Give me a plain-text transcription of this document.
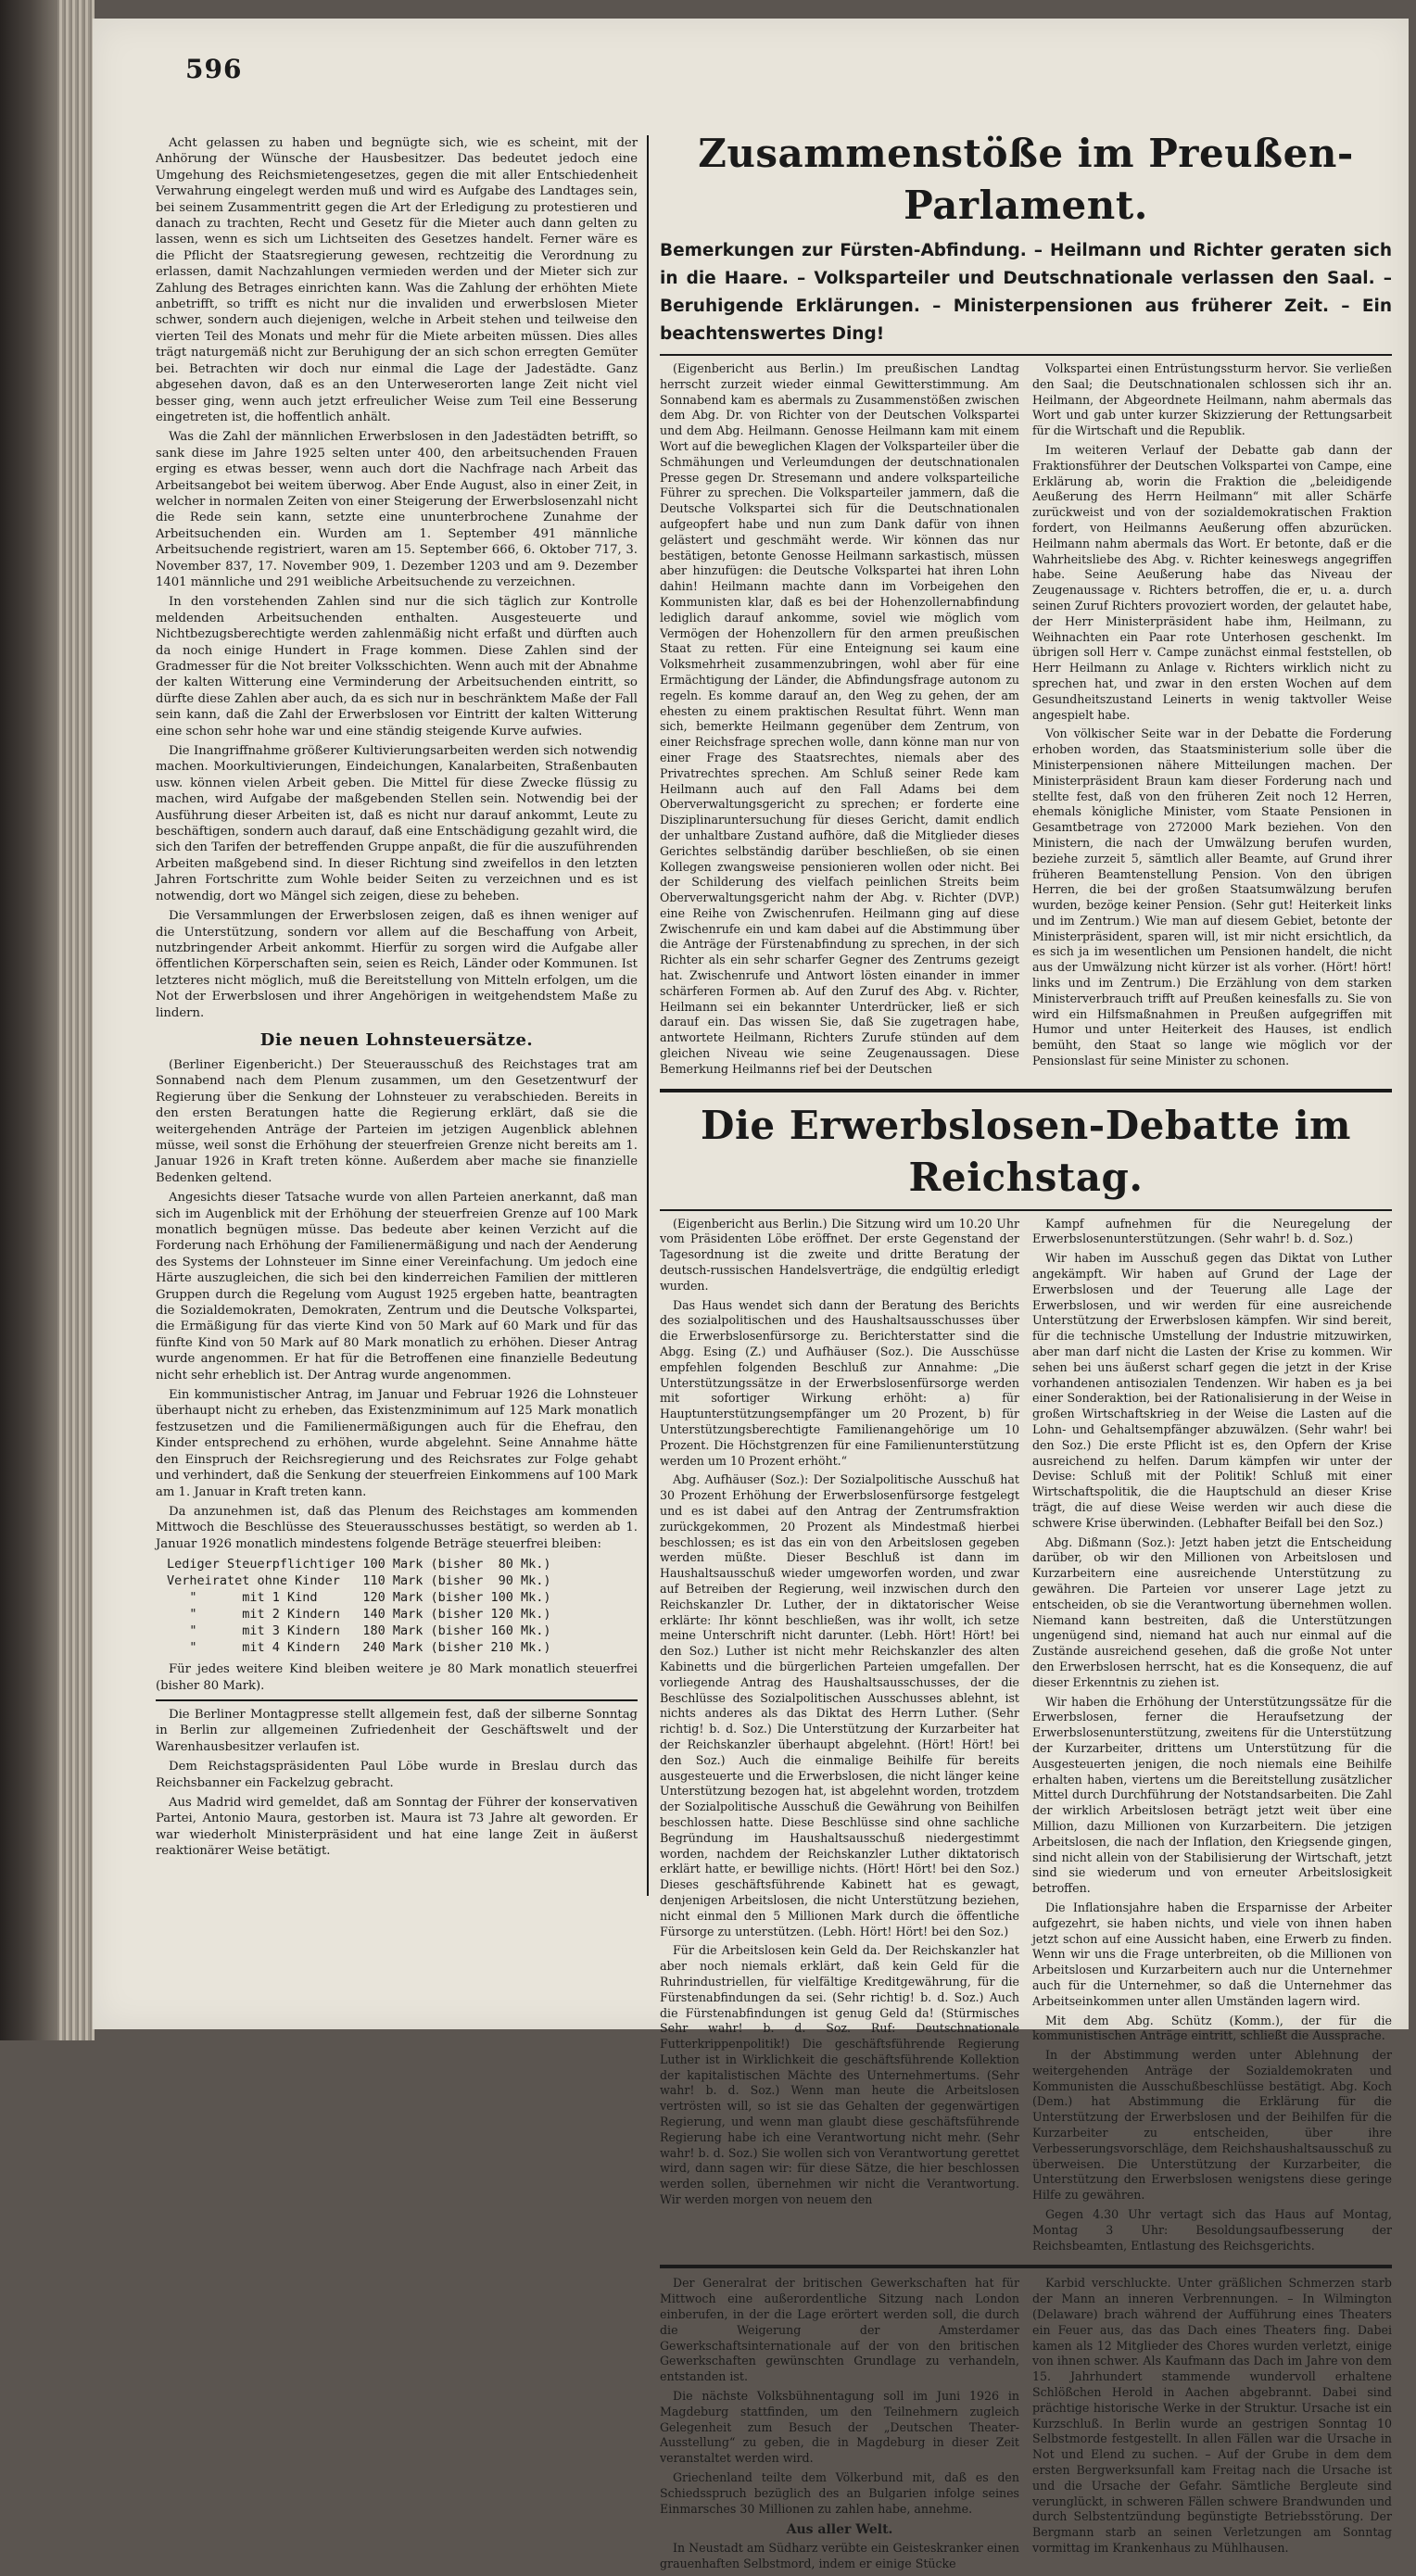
596

Acht gelassen zu haben und begnügte sich, wie es scheint, mit der Anhörung der Wünsche der Hausbesitzer. Das bedeutet jedoch eine Umgehung des Reichsmietengesetzes, gegen die mit aller Entschiedenheit Verwahrung eingelegt werden muß und wird es Aufgabe des Landtages sein, bei seinem Zusammentritt gegen die Art der Erledigung zu protestieren und danach zu trachten, Recht und Gesetz für die Mieter auch dann gelten zu lassen, wenn es sich um Lichtseiten des Gesetzes handelt. Ferner wäre es die Pflicht der Staatsregierung gewesen, rechtzeitig die Verordnung zu erlassen, damit Nachzahlungen vermieden werden und der Mieter sich zur Zahlung des Betrages einrichten kann. Was die Zahlung der erhöhten Miete anbetrifft, so trifft es nicht nur die invaliden und erwerbslosen Mieter schwer, sondern auch diejenigen, welche in Arbeit stehen und teilweise den vierten Teil des Monats und mehr für die Miete arbeiten müssen. Dies alles trägt naturgemäß nicht zur Beruhigung der an sich schon erregten Gemüter bei. Betrachten wir doch nur einmal die Lage der Jadestädte. Ganz abgesehen davon, daß es an den Unterweserorten lange Zeit nicht viel besser ging, wenn auch jetzt erfreulicher Weise zum Teil eine Besserung eingetreten ist, die hoffentlich anhält.

Was die Zahl der männlichen Erwerbslosen in den Jadestädten betrifft, so sank diese im Jahre 1925 selten unter 400, den arbeitsuchenden Frauen erging es etwas besser, wenn auch dort die Nachfrage nach Arbeit das Arbeitsangebot bei weitem überwog. Aber Ende August, also in einer Zeit, in welcher in normalen Zeiten von einer Steigerung der Erwerbslosenzahl nicht die Rede sein kann, setzte eine ununterbrochene Zunahme der Arbeitsuchenden ein. Wurden am 1. September 491 männliche Arbeitsuchende registriert, waren am 15. September 666, 6. Oktober 717, 3. November 837, 17. November 909, 1. Dezember 1203 und am 9. Dezember 1401 männliche und 291 weibliche Arbeitsuchende zu verzeichnen.

In den vorstehenden Zahlen sind nur die sich täglich zur Kontrolle meldenden Arbeitsuchenden enthalten. Ausgesteuerte und Nichtbezugsberechtigte werden zahlenmäßig nicht erfaßt und dürften auch da noch einige Hundert in Frage kommen. Diese Zahlen sind der Gradmesser für die Not breiter Volksschichten. Wenn auch mit der Abnahme der kalten Witterung eine Verminderung der Arbeitsuchenden eintritt, so dürfte diese Zahlen aber auch, da es sich nur in beschränktem Maße der Fall sein kann, daß die Zahl der Erwerbslosen vor Eintritt der kalten Witterung eine schon sehr hohe war und eine ständig steigende Kurve aufwies.

Die Inangriffnahme größerer Kultivierungsarbeiten werden sich notwendig machen. Moorkultivierungen, Eindeichungen, Kanalarbeiten, Straßenbauten usw. können vielen Arbeit geben. Die Mittel für diese Zwecke flüssig zu machen, wird Aufgabe der maßgebenden Stellen sein. Notwendig bei der Ausführung dieser Arbeiten ist, daß es nicht nur darauf ankommt, Leute zu beschäftigen, sondern auch darauf, daß eine Entschädigung gezahlt wird, die sich den Tarifen der betreffenden Gruppe anpaßt, die für die auszuführenden Arbeiten maßgebend sind. In dieser Richtung sind zweifellos in den letzten Jahren Fortschritte zum Wohle beider Seiten zu verzeichnen und es ist notwendig, dort wo Mängel sich zeigen, diese zu beheben.

Die Versammlungen der Erwerbslosen zeigen, daß es ihnen weniger auf die Unterstützung, sondern vor allem auf die Beschaffung von Arbeit, nutzbringender Arbeit ankommt. Hierfür zu sorgen wird die Aufgabe aller öffentlichen Körperschaften sein, seien es Reich, Länder oder Kommunen. Ist letzteres nicht möglich, muß die Bereitstellung von Mitteln erfolgen, um die Not der Erwerbslosen und ihrer Angehörigen in weitgehendstem Maße zu lindern.

Die neuen Lohnsteuersätze.

(Berliner Eigenbericht.) Der Steuerausschuß des Reichstages trat am Sonnabend nach dem Plenum zusammen, um den Gesetzentwurf der Regierung über die Senkung der Lohnsteuer zu verabschieden. Bereits in den ersten Beratungen hatte die Regierung erklärt, daß sie die weitergehenden Anträge der Parteien im jetzigen Augenblick ablehnen müsse, weil sonst die Erhöhung der steuerfreien Grenze nicht bereits am 1. Januar 1926 in Kraft treten könne. Außerdem aber mache sie finanzielle Bedenken geltend.

Angesichts dieser Tatsache wurde von allen Parteien anerkannt, daß man sich im Augenblick mit der Erhöhung der steuerfreien Grenze auf 100 Mark monatlich begnügen müsse. Das bedeute aber keinen Verzicht auf die Forderung nach Erhöhung der Familienermäßigung und nach der Aenderung des Systems der Lohnsteuer im Sinne einer Vereinfachung. Um jedoch eine Härte auszugleichen, die sich bei den kinderreichen Familien der mittleren Gruppen durch die Regelung vom August 1925 ergeben hatte, beantragten die Sozialdemokraten, Demokraten, Zentrum und die Deutsche Volkspartei, die Ermäßigung für das vierte Kind von 50 Mark auf 60 Mark und für das fünfte Kind von 50 Mark auf 80 Mark monatlich zu erhöhen. Dieser Antrag wurde angenommen. Er hat für die Betroffenen eine finanzielle Bedeutung nicht sehr erheblich ist. Der Antrag wurde angenommen.

Ein kommunistischer Antrag, im Januar und Februar 1926 die Lohnsteuer überhaupt nicht zu erheben, das Existenzminimum auf 125 Mark monatlich festzusetzen und die Familienermäßigungen auch für die Ehefrau, den Kinder entsprechend zu erhöhen, wurde abgelehnt. Seine Annahme hätte den Einspruch der Reichsregierung und des Reichsrates zur Folge gehabt und verhindert, daß die Senkung der steuerfreien Einkommens auf 100 Mark am 1. Januar in Kraft treten kann.

Da anzunehmen ist, daß das Plenum des Reichstages am kommenden Mittwoch die Beschlüsse des Steuerausschusses bestätigt, so werden ab 1. Januar 1926 monatlich mindestens folgende Beträge steuerfrei bleiben:

Lediger Steuerpflichtiger 100 Mark (bisher  80 Mk.)
Verheiratet ohne Kinder   110 Mark (bisher  90 Mk.)
"      mit 1 Kind      120 Mark (bisher 100 Mk.)
"      mit 2 Kindern   140 Mark (bisher 120 Mk.)
"      mit 3 Kindern   180 Mark (bisher 160 Mk.)
"      mit 4 Kindern   240 Mark (bisher 210 Mk.)

Für jedes weitere Kind bleiben weitere je 80 Mark monatlich steuerfrei (bisher 80 Mark).

Die Berliner Montagpresse stellt allgemein fest, daß der silberne Sonntag in Berlin zur allgemeinen Zufriedenheit der Geschäftswelt und der Warenhausbesitzer verlaufen ist.

Dem Reichstagspräsidenten Paul Löbe wurde in Breslau durch das Reichsbanner ein Fackelzug gebracht.

Aus Madrid wird gemeldet, daß am Sonntag der Führer der konservativen Partei, Antonio Maura, gestorben ist. Maura ist 73 Jahre alt geworden. Er war wiederholt Ministerpräsident und hat eine lange Zeit in äußerst reaktionärer Weise betätigt.

Zusammenstöße im Preußen-Parlament.
Bemerkungen zur Fürsten-Abfindung. – Heilmann und Richter geraten sich in die Haare. – Volksparteiler und Deutschnationale verlassen den Saal. – Beruhigende Erklärungen. – Ministerpensionen aus früherer Zeit. – Ein beachtenswertes Ding!

(Eigenbericht aus Berlin.) Im preußischen Landtag herrscht zurzeit wieder einmal Gewitterstimmung. Am Sonnabend kam es abermals zu Zusammenstößen zwischen dem Abg. Dr. von Richter von der Deutschen Volkspartei und dem Abg. Heilmann. Genosse Heilmann kam mit einem Wort auf die beweglichen Klagen der Volksparteiler über die Schmähungen und Verleumdungen der deutschnationalen Presse gegen Dr. Stresemann und andere volksparteiliche Führer zu sprechen. Die Volksparteiler jammern, daß die Deutsche Volkspartei sich für die Deutschnationalen aufgeopfert habe und nun zum Dank dafür von ihnen gelästert und geschmäht werde. Wir können das nur bestätigen, betonte Genosse Heilmann sarkastisch, müssen aber hinzufügen: die Deutsche Volkspartei hat ihren Lohn dahin! Heilmann machte dann im Vorbeigehen den Kommunisten klar, daß es bei der Hohenzollernabfindung lediglich darauf ankomme, soviel wie möglich vom Vermögen der Hohenzollern für den armen preußischen Staat zu retten. Für eine Enteignung sei kaum eine Volksmehrheit zusammenzubringen, wohl aber für eine Ermächtigung der Länder, die Abfindungsfrage autonom zu regeln. Es komme darauf an, den Weg zu gehen, der am ehesten zu einem praktischen Resultat führt. Wenn man sich, bemerkte Heilmann gegenüber dem Zentrum, von einer Reichsfrage sprechen wolle, dann könne man nur von einer Frage des Staatsrechtes, niemals aber des Privatrechtes sprechen. Am Schluß seiner Rede kam Heilmann auch auf den Fall Adams bei dem Oberverwaltungsgericht zu sprechen; er forderte eine Disziplinaruntersuchung für dieses Gericht, damit endlich der unhaltbare Zustand aufhöre, daß die Mitglieder dieses Gerichtes selbständig darüber beschließen, ob sie einen Kollegen zwangsweise pensionieren wollen oder nicht. Bei der Schilderung des vielfach peinlichen Streits beim Oberverwaltungsgericht nahm der Abg. v. Richter (DVP.) eine Reihe von Zwischenrufen. Heilmann ging auf diese Zwischenrufe ein und kam dabei auf die Abstimmung über die Anträge der Fürstenabfindung zu sprechen, in der sich Richter als ein sehr scharfer Gegner des Zentrums gezeigt hat. Zwischenrufe und Antwort lösten einander in immer schärferen Formen ab. Auf den Zuruf des Abg. v. Richter, Heilmann sei ein bekannter Unterdrücker, ließ er sich darauf ein. Das wissen Sie, daß Sie zugetragen habe, antwortete Heilmann, Richters Zurufe stünden auf dem gleichen Niveau wie seine Zeugenaussagen. Diese Bemerkung Heilmanns rief bei der Deutschen

Volkspartei einen Entrüstungssturm hervor. Sie verließen den Saal; die Deutschnationalen schlossen sich ihr an. Heilmann, der Abgeordnete Heilmann, nahm abermals das Wort und gab unter kurzer Skizzierung der Rettungsarbeit für die Wirtschaft und die Republik.

Im weiteren Verlauf der Debatte gab dann der Fraktionsführer der Deutschen Volkspartei von Campe, eine Erklärung ab, worin die Fraktion die „beleidigende Aeußerung des Herrn Heilmann“ mit aller Schärfe zurückweist und von der sozialdemokratischen Fraktion fordert, von Heilmanns Aeußerung offen abzurücken. Heilmann nahm abermals das Wort. Er betonte, daß er die Wahrheitsliebe des Abg. v. Richter keineswegs angegriffen habe. Seine Aeußerung habe das Niveau der Zeugenaussage v. Richters betroffen, die er, u. a. durch seinen Zuruf Richters provoziert worden, der gelautet habe, der Herr Ministerpräsident habe ihm, Heilmann, zu Weihnachten ein Paar rote Unterhosen geschenkt. Im übrigen soll Herr v. Campe zunächst einmal feststellen, ob Herr Heilmann zu Anlage v. Richters wirklich nicht zu sprechen hat, und zwar in den ersten Wochen auf dem Gesundheitszustand Leinerts in wenig taktvoller Weise angespielt habe.

Von völkischer Seite war in der Debatte die Forderung erhoben worden, das Staatsministerium solle über die Ministerpensionen nähere Mitteilungen machen. Der Ministerpräsident Braun kam dieser Forderung nach und stellte fest, daß von den früheren Zeit noch 12 Herren, ehemals königliche Minister, vom Staate Pensionen in Gesamtbetrage von 272000 Mark beziehen. Von den Ministern, die nach der Umwälzung berufen wurden, beziehe zurzeit 5, sämtlich aller Beamte, auf Grund ihrer früheren Beamtenstellung Pension. Von den übrigen Herren, die bei der großen Staatsumwälzung berufen wurden, bezöge keiner Pension. (Sehr gut! Heiterkeit links und im Zentrum.) Wie man auf diesem Gebiet, betonte der Ministerpräsident, sparen will, ist mir nicht ersichtlich, da es sich ja im wesentlichen um Pensionen handelt, die nicht aus der Umwälzung nicht kürzer ist als vorher. (Hört! hört! links und im Zentrum.) Die Erzählung von dem starken Ministerverbrauch trifft auf Preußen keinesfalls zu. Sie von wird ein Hilfsmaßnahmen in Preußen aufgegriffen mit Humor und unter Heiterkeit des Hauses, ist endlich bemüht, den Staat so lange wie möglich vor der Pensionslast für seine Minister zu schonen.

Die Erwerbslosen-Debatte im Reichstag.

(Eigenbericht aus Berlin.) Die Sitzung wird um 10.20 Uhr vom Präsidenten Löbe eröffnet. Der erste Gegenstand der Tagesordnung ist die zweite und dritte Beratung der deutsch-russischen Handelsverträge, die endgültig erledigt wurden.

Das Haus wendet sich dann der Beratung des Berichts des sozialpolitischen und des Haushaltsausschusses über die Erwerbslosenfürsorge zu. Berichterstatter sind die Abgg. Esing (Z.) und Aufhäuser (Soz.). Die Ausschüsse empfehlen folgenden Beschluß zur Annahme: „Die Unterstützungssätze in der Erwerbslosenfürsorge werden mit sofortiger Wirkung erhöht: a) für Hauptunterstützungsempfänger um 20 Prozent, b) für Unterstützungsberechtigte Familienangehörige um 10 Prozent. Die Höchstgrenzen für eine Familienunterstützung werden um 10 Prozent erhöht.“

Abg. Aufhäuser (Soz.): Der Sozialpolitische Ausschuß hat 30 Prozent Erhöhung der Erwerbslosenfürsorge festgelegt und es ist dabei auf den Antrag der Zentrumsfraktion zurückgekommen, 20 Prozent als Mindestmaß hierbei beschlossen; es ist das ein von den Arbeitslosen gegeben werden müßte. Dieser Beschluß ist dann im Haushaltsausschuß wieder umgeworfen worden, und zwar auf Betreiben der Regierung, weil inzwischen durch den Reichskanzler Dr. Luther, der in diktatorischer Weise erklärte: Ihr könnt beschließen, was ihr wollt, ich setze meine Unterschrift nicht darunter. (Lebh. Hört! Hört! bei den Soz.) Luther ist nicht mehr Reichskanzler des alten Kabinetts und die bürgerlichen Parteien umgefallen. Der vorliegende Antrag des Haushaltsausschusses, der die Beschlüsse des Sozialpolitischen Ausschusses ablehnt, ist nichts anderes als das Diktat des Herrn Luther. (Sehr richtig! b. d. Soz.) Die Unterstützung der Kurzarbeiter hat der Reichskanzler überhaupt abgelehnt. (Hört! Hört! bei den Soz.) Auch die einmalige Beihilfe für bereits ausgesteuerte und die Erwerbslosen, die nicht länger keine Unterstützung bezogen hat, ist abgelehnt worden, trotzdem der Sozialpolitische Ausschuß die Gewährung von Beihilfen beschlossen hatte. Diese Beschlüsse sind ohne sachliche Begründung im Haushaltsausschuß niedergestimmt worden, nachdem der Reichskanzler Luther diktatorisch erklärt hatte, er bewillige nichts. (Hört! Hört! bei den Soz.) Dieses geschäftsführende Kabinett hat es gewagt, denjenigen Arbeitslosen, die nicht Unterstützung beziehen, nicht einmal den 5 Millionen Mark durch die öffentliche Fürsorge zu unterstützen. (Lebh. Hört! Hört! bei den Soz.)

Für die Arbeitslosen kein Geld da. Der Reichskanzler hat aber noch niemals erklärt, daß kein Geld für die Ruhrindustriellen, für vielfältige Kreditgewährung, für die Fürstenabfindungen da sei. (Sehr richtig! b. d. Soz.) Auch die Fürstenabfindungen ist genug Geld da! (Stürmisches Sehr wahr! b. d. Soz. Ruf: Deutschnationale Futterkrippenpolitik!) Die geschäftsführende Regierung Luther ist in Wirklichkeit die geschäftsführende Kollektion der kapitalistischen Mächte des Unternehmertums. (Sehr wahr! b. d. Soz.) Wenn man heute die Arbeitslosen vertrösten will, so ist sie das Gehalten der gegenwärtigen Regierung, und wenn man glaubt diese geschäftsführende Regierung habe ich eine Verantwortung nicht mehr. (Sehr wahr! b. d. Soz.) Sie wollen sich von Verantwortung gerettet wird, dann sagen wir: für diese Sätze, die hier beschlossen werden sollen, übernehmen wir nicht die Verantwortung. Wir werden morgen von neuem den

Kampf aufnehmen für die Neuregelung der Erwerbslosenunterstützungen. (Sehr wahr! b. d. Soz.)

Wir haben im Ausschuß gegen das Diktat von Luther angekämpft. Wir haben auf Grund der Lage der Erwerbslosen und der Teuerung alle Lage der Erwerbslosen, und wir werden für eine ausreichende Unterstützung der Erwerbslosen kämpfen. Wir sind bereit, für die technische Umstellung der Industrie mitzuwirken, aber man darf nicht die Lasten der Krise zu kommen. Wir sehen bei uns äußerst scharf gegen die jetzt in der Krise vorhandenen antisozialen Tendenzen. Wir haben es ja bei einer Sonderaktion, bei der Rationalisierung in der Weise in großen Wirtschaftskrieg in der Weise die Lasten auf die Lohn- und Gehaltsempfänger abzuwälzen. (Sehr wahr! bei den Soz.) Die erste Pflicht ist es, den Opfern der Krise ausreichend zu helfen. Darum kämpfen wir unter der Devise: Schluß mit der Politik! Schluß mit einer Wirtschaftspolitik, die die Hauptschuld an dieser Krise trägt, die auf diese Weise werden wir auch diese die schwere Krise überwinden. (Lebhafter Beifall bei den Soz.)

Abg. Dißmann (Soz.): Jetzt haben jetzt die Entscheidung darüber, ob wir den Millionen von Arbeitslosen und Kurzarbeitern eine ausreichende Unterstützung zu gewähren. Die Parteien vor unserer Lage jetzt zu entscheiden, ob sie die Verantwortung übernehmen wollen. Niemand kann bestreiten, daß die Unterstützungen ungenügend sind, niemand hat auch nur einmal auf die Zustände ausreichend gesehen, daß die große Not unter den Erwerbslosen herrscht, hat es die Konsequenz, die auf dieser Erkenntnis zu ziehen ist.

Wir haben die Erhöhung der Unterstützungssätze für die Erwerbslosen, ferner die Heraufsetzung der Erwerbslosenunterstützung, zweitens für die Unterstützung der Kurzarbeiter, drittens um Unterstützung für die Ausgesteuerten jenigen, die noch niemals eine Beihilfe erhalten haben, viertens um die Bereitstellung zusätzlicher Mittel durch Durchführung der Notstandsarbeiten. Die Zahl der wirklich Arbeitslosen beträgt jetzt weit über eine Million, dazu Millionen von Kurzarbeitern. Die jetzigen Arbeitslosen, die nach der Inflation, den Kriegsende gingen, sind nicht allein von der Stabilisierung der Wirtschaft, jetzt sind sie wiederum und von erneuter Arbeitslosigkeit betroffen.

Die Inflationsjahre haben die Ersparnisse der Arbeiter aufgezehrt, sie haben nichts, und viele von ihnen haben jetzt schon auf eine Aussicht haben, eine Erwerb zu finden. Wenn wir uns die Frage unterbreiten, ob die Millionen von Arbeitslosen und Kurzarbeitern auch nur die Unternehmer auch für die Unternehmer, so daß die Unternehmer das Arbeitseinkommen unter allen Umständen lagern wird.

Mit dem Abg. Schütz (Komm.), der für die kommunistischen Anträge eintritt, schließt die Aussprache.

In der Abstimmung werden unter Ablehnung der weitergehenden Anträge der Sozialdemokraten und Kommunisten die Ausschußbeschlüsse bestätigt. Abg. Koch (Dem.) hat Abstimmung die Erklärung für die Unterstützung der Erwerbslosen und der Beihilfen für die Kurzarbeiter zu entscheiden, über ihre Verbesserungsvorschläge, dem Reichshaushaltsausschuß zu überweisen. Die Unterstützung der Kurzarbeiter, die Unterstützung den Erwerbslosen wenigstens diese geringe Hilfe zu gewähren.

Gegen 4.30 Uhr vertagt sich das Haus auf Montag, Montag 3 Uhr: Besoldungsaufbesserung der Reichsbeamten, Entlastung des Reichsgerichts.

Der Generalrat der britischen Gewerkschaften hat für Mittwoch eine außerordentliche Sitzung nach London einberufen, in der die Lage erörtert werden soll, die durch die Weigerung der Amsterdamer Gewerkschaftsinternationale auf der von den britischen Gewerkschaften gewünschten Grundlage zu verhandeln, entstanden ist.

Die nächste Volksbühnentagung soll im Juni 1926 in Magdeburg stattfinden, um den Teilnehmern zugleich Gelegenheit zum Besuch der „Deutschen Theater-Ausstellung“ zu geben, die in Magdeburg in dieser Zeit veranstaltet werden wird.

Griechenland teilte dem Völkerbund mit, daß es den Schiedsspruch bezüglich des an Bulgarien infolge seines Einmarsches 30 Millionen zu zahlen habe, annehme.

Aus aller Welt.

In Neustadt am Südharz verübte ein Geisteskranker einen grauenhaften Selbstmord, indem er einige Stücke

Karbid verschluckte. Unter gräßlichen Schmerzen starb der Mann an inneren Verbrennungen. – In Wilmington (Delaware) brach während der Aufführung eines Theaters ein Feuer aus, das das Dach eines Theaters fing. Dabei kamen als 12 Mitglieder des Chores wurden verletzt, einige von ihnen schwer. Als Kaufmann das Dach im Jahre von dem 15. Jahrhundert stammende wundervoll erhaltene Schlößchen Herold in Aachen abgebrannt. Dabei sind prächtige historische Werke in der Struktur. Ursache ist ein Kurzschluß. In Berlin wurde an gestrigen Sonntag 10 Selbstmorde festgestellt. In allen Fällen war die Ursache in Not und Elend zu suchen. – Auf der Grube in dem dem ersten Bergwerksunfall kam Freitag nach die Ursache ist und die Ursache der Gefahr. Sämtliche Bergleute sind verunglückt, in schweren Fällen schwere Brandwunden und durch Selbstentzündung begünstigte Betriebsstörung. Der Bergmann starb an seinen Verletzungen am Sonntag vormittag im Krankenhaus zu Mühlhausen.
